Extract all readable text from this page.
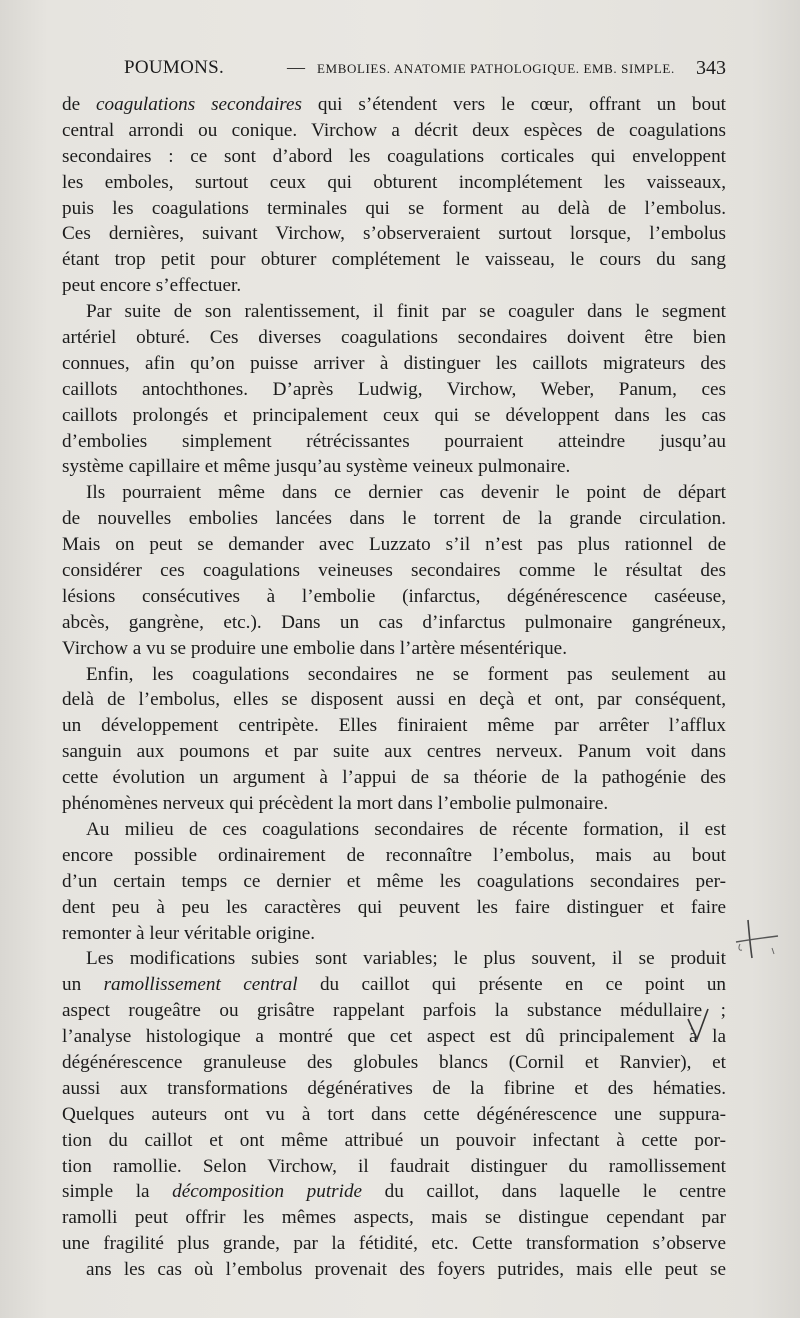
POUMONS.	— EMBOLIES. ANATOMIE PATHOLOGIQUE. EMB. SIMPLE. 343
de coagulations secondaires qui s’étendent vers le cœur, offrant un bout
central arrondi ou conique. Virchow a décrit deux espèces de coagulations
secondaires : ce sont d’abord les coagulations corticales qui enveloppent
les emboles, surtout ceux qui obturent incomplétement les vaisseaux,
puis les coagulations terminales qui se forment au delà de l’embolus.
Ces dernières, suivant Virchow, s’observeraient surtout lorsque, l’embolus
étant trop petit pour obturer complétement le vaisseau, le cours du sang
peut encore s’effectuer.
Par suite de son ralentissement, il finit par se coaguler dans le segment
artériel obturé. Ces diverses coagulations secondaires doivent être bien
connues, afin qu’on puisse arriver à distinguer les caillots migrateurs des
caillots antochthones. D’après Ludwig, Virchow, Weber, Panum, ces
caillots prolongés et principalement ceux qui se développent dans les cas
d’embolies simplement rétrécissantes pourraient atteindre jusqu’au
système capillaire et même jusqu’au système veineux pulmonaire.
Ils pourraient même dans ce dernier cas devenir le point de départ
de nouvelles embolies lancées dans le torrent de la grande circulation.
Mais on peut se demander avec Luzzato s’il n’est pas plus rationnel de
considérer ces coagulations veineuses secondaires comme le résultat des
lésions consécutives à l’embolie (infarctus, dégénérescence caséeuse,
abcès, gangrène, etc.). Dans un cas d’infarctus pulmonaire gangréneux,
Virchow a vu se produire une embolie dans l’artère mésentérique.
Enfin, les coagulations secondaires ne se forment pas seulement au
delà de l’embolus, elles se disposent aussi en deçà et ont, par conséquent,
un développement centripète. Elles finiraient même par arrêter l’afflux
sanguin aux poumons et par suite aux centres nerveux. Panum voit dans
cette évolution un argument à l’appui de sa théorie de la pathogénie des
phénomènes nerveux qui précèdent la mort dans l’embolie pulmonaire.
Au milieu de ces coagulations secondaires de récente formation, il est
encore possible ordinairement de reconnaître l’embolus, mais au bout
d’un certain temps ce dernier et même les coagulations secondaires per-
dent peu à peu les caractères qui peuvent les faire distinguer et faire
remonter à leur véritable origine.
Les modifications subies sont variables; le plus souvent, il se produit
un ramollissement central du caillot qui présente en ce point un
aspect rougeâtre ou grisâtre rappelant parfois la substance médullaire ;
l’analyse histologique a montré que cet aspect est dû principalement à la
dégénérescence granuleuse des globules blancs (Cornil et Ranvier), et
aussi aux transformations dégénératives de la fibrine et des hématies.
Quelques auteurs ont vu à tort dans cette dégénérescence une suppura-
tion du caillot et ont même attribué un pouvoir infectant à cette por-
tion ramollie. Selon Virchow, il faudrait distinguer du ramollissement
simple la décomposition putride du caillot, dans laquelle le centre
ramolli peut offrir les mêmes aspects, mais se distingue cependant par
une fragilité plus grande, par la fétidité, etc. Cette transformation s’observe
ans les cas où l’embolus provenait des foyers putrides, mais elle peut se
